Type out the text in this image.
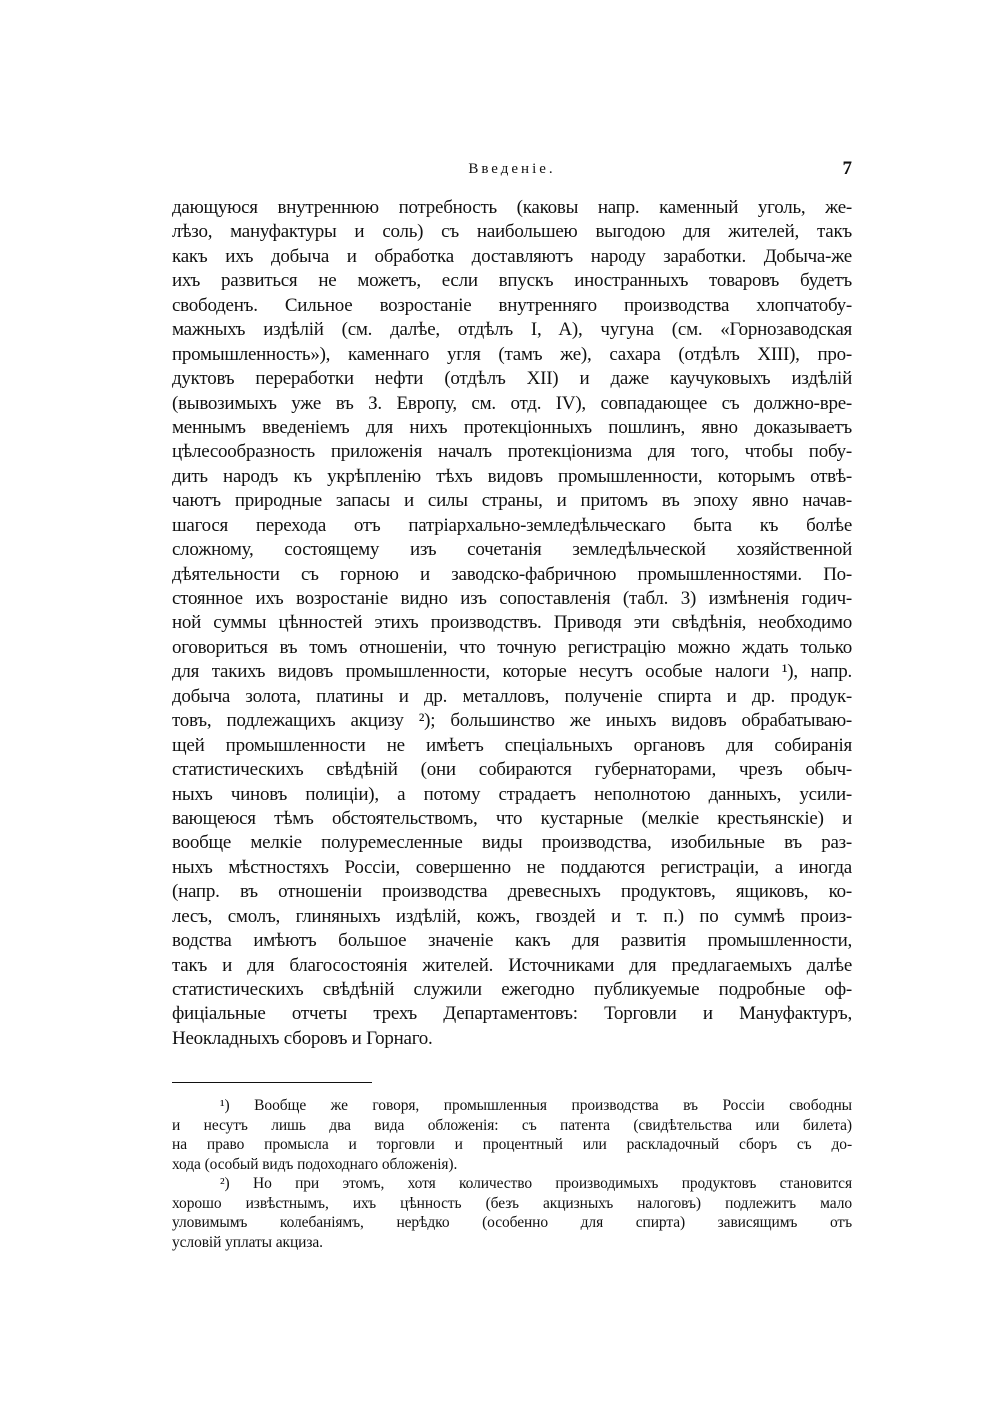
Введеніе.	7
дающуюся внутреннюю потребность (каковы напр. каменный уголь, же-
лѣзо, мануфактуры и соль) съ наибольшею выгодою для жителей, такъ
какъ ихъ добыча и обработка доставляютъ народу заработки. Добыча-же
ихъ развиться не можетъ, если впускъ иностранныхъ товаровъ будетъ
свободенъ. Сильное возростаніе внутренняго производства хлопчатобу-
мажныхъ издѣлій (см. далѣе, отдѣлъ I, A), чугуна (см. «Горнозаводская
промышленность»), каменнаго угля (тамъ же), сахара (отдѣлъ XIII), про-
дуктовъ переработки нефти (отдѣлъ XII) и даже каучуковыхъ издѣлій
(вывозимыхъ уже въ З. Европу, см. отд. IV), совпадающее съ должно-вре-
меннымъ введеніемъ для нихъ протекціонныхъ пошлинъ, явно доказываетъ
цѣлесообразность приложенія началъ протекціонизма для того, чтобы побу-
дить народъ къ укрѣпленію тѣхъ видовъ промышленности, которымъ отвѣ-
чаютъ природные запасы и силы страны, и притомъ въ эпоху явно начав-
шагося перехода отъ патріархально-земледѣльческаго быта къ болѣе
сложному, состоящему изъ сочетанія земледѣльческой хозяйственной
дѣятельности съ горною и заводско-фабричною промышленностями. По-
стоянное ихъ возростаніе видно изъ сопоставленія (табл. 3) измѣненія годич-
ной суммы цѣнностей этихъ производствъ. Приводя эти свѣдѣнія, необходимо
оговориться въ томъ отношеніи, что точную регистрацію можно ждать только
для такихъ видовъ промышленности, которые несутъ особые налоги ¹), напр.
добыча золота, платины и др. металловъ, полученіе спирта и др. продук-
товъ, подлежащихъ акцизу ²); большинство же иныхъ видовъ обрабатываю-
щей промышленности не имѣетъ спеціальныхъ органовъ для собиранія
статистическихъ свѣдѣній (они собираются губернаторами, чрезъ обыч-
ныхъ чиновъ полиціи), а потому страдаетъ неполнотою данныхъ, усили-
вающеюся тѣмъ обстоятельствомъ, что кустарные (мелкіе крестьянскіе) и
вообще мелкіе полуремесленные виды производства, изобильные въ раз-
ныхъ мѣстностяхъ Россіи, совершенно не поддаются регистраціи, а иногда
(напр. въ отношеніи производства древесныхъ продуктовъ, ящиковъ, ко-
лесъ, смолъ, глиняныхъ издѣлій, кожъ, гвоздей и т. п.) по суммѣ произ-
водства имѣютъ большое значеніе какъ для развитія промышленности,
такъ и для благосостоянія жителей. Источниками для предлагаемыхъ далѣе
статистическихъ свѣдѣній служили ежегодно публикуемые подробные оф-
фиціальные отчеты трехъ Департаментовъ: Торговли и Мануфактуръ,
Неокладныхъ сборовъ и Горнаго.
¹) Вообще же говоря, промышленныя производства въ Россіи свободны
и несутъ лишь два вида обложенія: съ патента (свидѣтельства или билета)
на право промысла и торговли и процентный или раскладочный сборъ съ до-
хода (особый видъ подоходнаго обложенія).
²) Но при этомъ, хотя количество производимыхъ продуктовъ становится
хорошо извѣстнымъ, ихъ цѣнность (безъ акцизныхъ налоговъ) подлежитъ мало
уловимымъ колебаніямъ, нерѣдко (особенно для спирта) зависящимъ отъ
условій уплаты акциза.
